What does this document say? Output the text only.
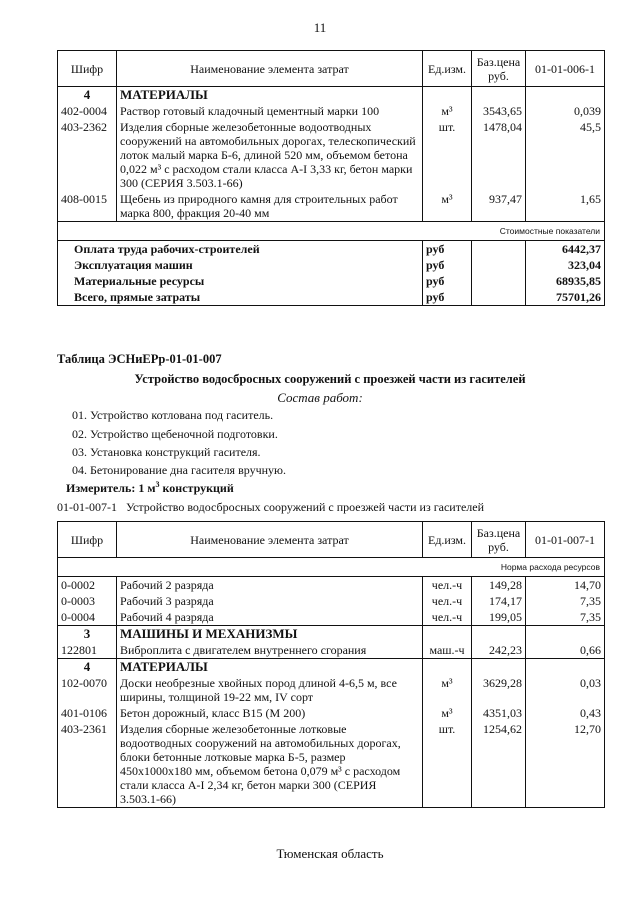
11
Шифр	Наименование элемента затрат	Ед.изм.	Баз.цена руб.	01-01-006-1
4	МАТЕРИАЛЫ			
402-0004	Раствор готовый кладочный цементный марки 100	м³	3543,65	0,039
403-2362	Изделия сборные железобетонные водоотводных сооружений на автомобильных дорогах, телескопический лоток малый марка Б-6, длиной 520 мм, объемом бетона 0,022 м³ с расходом стали класса А-I 3,33 кг, бетон марки 300 (СЕРИЯ 3.503.1-66)	шт.	1478,04	45,5
408-0015	Щебень из природного камня для строительных работ марка 800, фракция 20-40 мм	м³	937,47	1,65
Стоимостные показатели				
Оплата труда рабочих-строителей		руб		6442,37
Эксплуатация машин		руб		323,04
Материальные ресурсы		руб		68935,85
Всего, прямые затраты		руб		75701,26
Таблица ЭСНиЕРр-01-01-007
Устройство водосбросных сооружений с проезжей части из гасителей
Состав работ:
01. Устройство котлована под гаситель.
02. Устройство щебеночной подготовки.
03. Установка конструкций гасителя.
04. Бетонирование дна гасителя вручную.
Измеритель: 1 $м^3$ конструкций
01-01-007-1 Устройство водосбросных сооружений с проезжей части из гасителей
Шифр	Наименование элемента затрат	Ед.изм.	Баз.цена руб.	01-01-007-1
Норма расхода ресурсов				
0-0002	Рабочий 2 разряда	чел.-ч	149,28	14,70
0-0003	Рабочий 3 разряда	чел.-ч	174,17	7,35
0-0004	Рабочий 4 разряда	чел.-ч	199,05	7,35
3	МАШИНЫ И МЕХАНИЗМЫ			
122801	Виброплита с двигателем внутреннего сгорания	маш.-ч	242,23	0,66
4	МАТЕРИАЛЫ			
102-0070	Доски необрезные хвойных пород длиной 4-6,5 м, все ширины, толщиной 19-22 мм, IV сорт	м³	3629,28	0,03
401-0106	Бетон дорожный, класс В15 (М 200)	м³	4351,03	0,43
403-2361	Изделия сборные железобетонные лотковые водоотводных сооружений на автомобильных дорогах, блоки бетонные лотковые марка Б-5, размер 450x1000x180 мм, объемом бетона 0,079 м³ с расходом стали класса А-I 2,34 кг, бетон марки 300 (СЕРИЯ 3.503.1-66)	шт.	1254,62	12,70
Тюменская область
